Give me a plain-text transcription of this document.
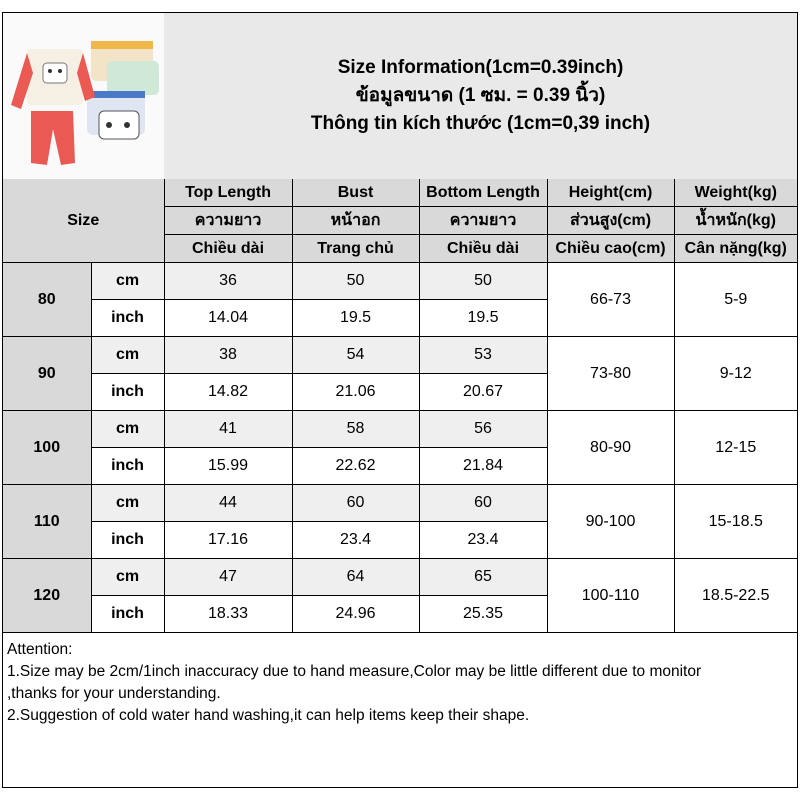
Size Information(1cm=0.39inch)
ข้อมูลขนาด (1 ซม. = 0.39 นิ้ว)
Thông tin kích thước (1cm=0,39 inch)
Size		Top Length	Bust	Bottom Length	Height(cm)	Weight(kg)
		ความยาว	หน้าอก	ความยาว	ส่วนสูง(cm)	น้ำหนัก(kg)
		Chiều dài	Trang chủ	Chiều dài	Chiều cao(cm)	Cân nặng(kg)
80	cm	36	50	50	66-73	5-9
	inch	14.04	19.5	19.5		
90	cm	38	54	53	73-80	9-12
	inch	14.82	21.06	20.67		
100	cm	41	58	56	80-90	12-15
	inch	15.99	22.62	21.84		
110	cm	44	60	60	90-100	15-18.5
	inch	17.16	23.4	23.4		
120	cm	47	64	65	100-110	18.5-22.5
	inch	18.33	24.96	25.35		
Attention:
1.Size may be 2cm/1inch inaccuracy due to hand measure,Color may be little different due to monitor
,thanks for your understanding.
2.Suggestion of cold water hand washing,it can help items keep their shape.
